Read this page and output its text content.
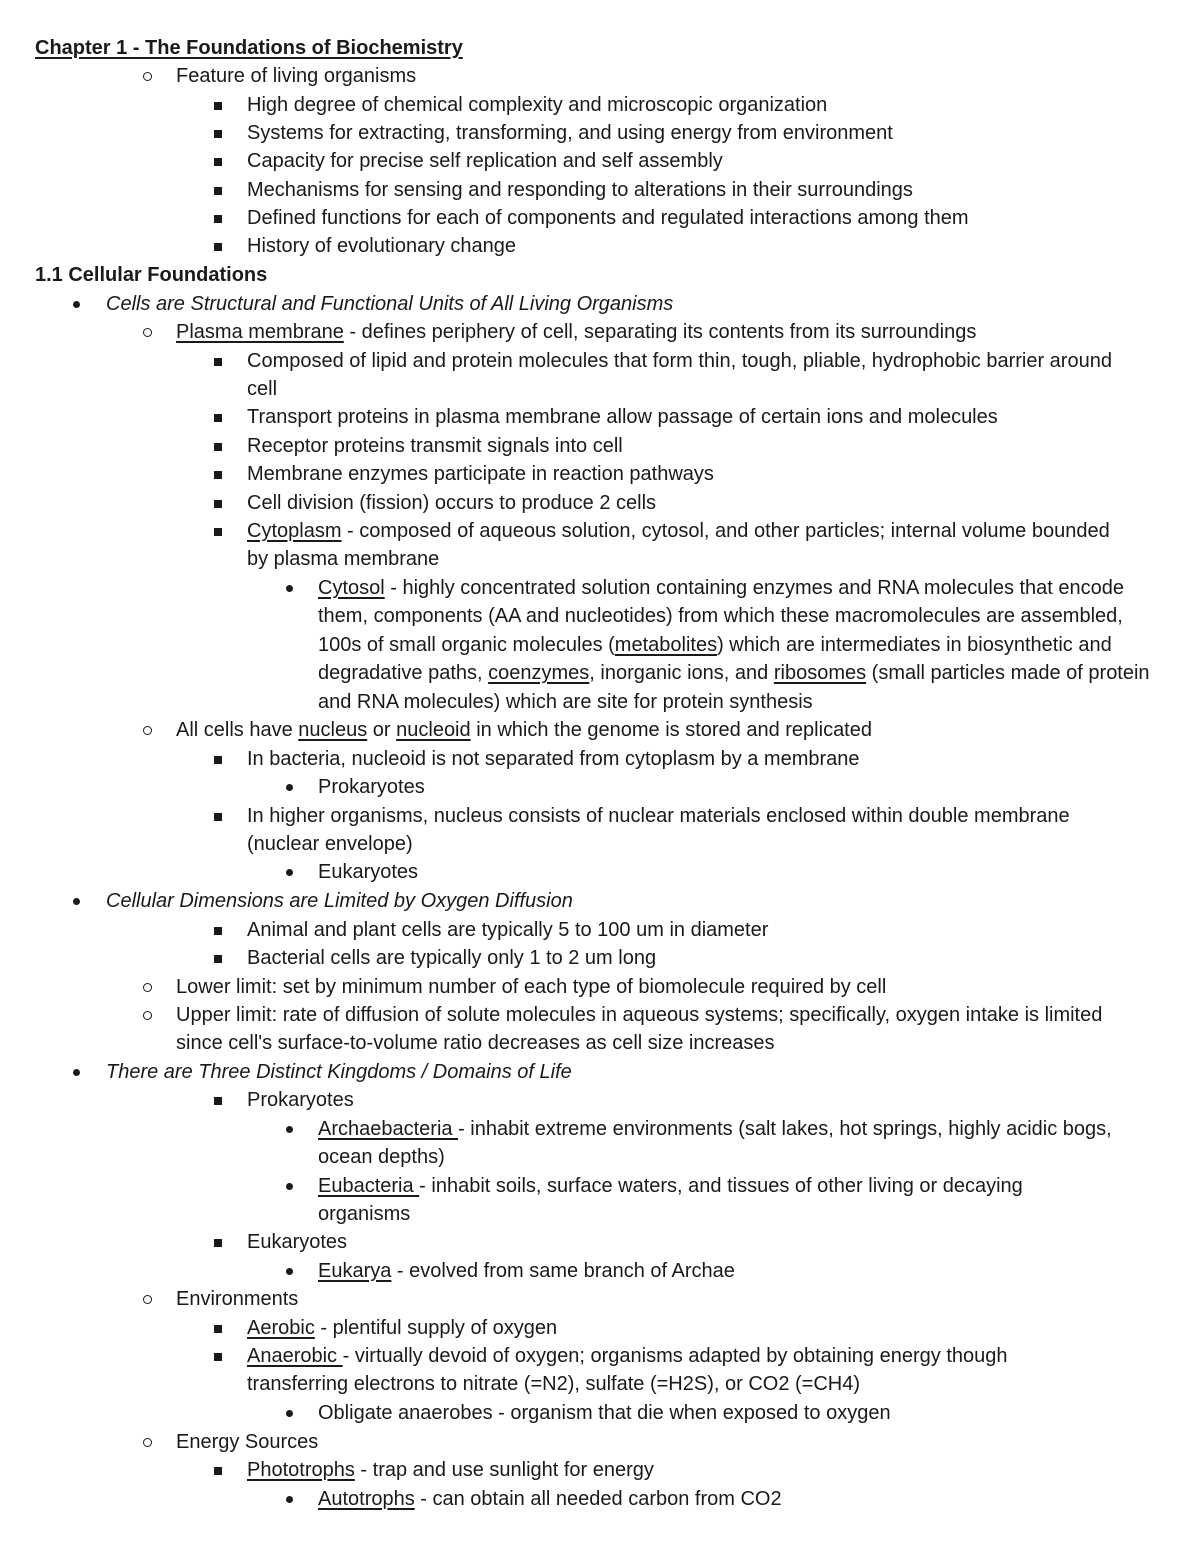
Chapter 1 - The Foundations of Biochemistry
Feature of living organisms
High degree of chemical complexity and microscopic organization
Systems for extracting, transforming, and using energy from environment
Capacity for precise self replication and self assembly
Mechanisms for sensing and responding to alterations in their surroundings
Defined functions for each of components and regulated interactions among them
History of evolutionary change
1.1 Cellular Foundations
Cells are Structural and Functional Units of All Living Organisms
Plasma membrane - defines periphery of cell, separating its contents from its surroundings
Composed of lipid and protein molecules that form thin, tough, pliable, hydrophobic barrier around cell
Transport proteins in plasma membrane allow passage of certain ions and molecules
Receptor proteins transmit signals into cell
Membrane enzymes participate in reaction pathways
Cell division (fission) occurs to produce 2 cells
Cytoplasm - composed of aqueous solution, cytosol, and other particles; internal volume bounded by plasma membrane
Cytosol - highly concentrated solution containing enzymes and RNA molecules that encode them, components (AA and nucleotides) from which these macromolecules are assembled, 100s of small organic molecules (metabolites) which are intermediates in biosynthetic and degradative paths, coenzymes, inorganic ions, and ribosomes (small particles made of protein and RNA molecules) which are site for protein synthesis
All cells have nucleus or nucleoid in which the genome is stored and replicated
In bacteria, nucleoid is not separated from cytoplasm by a membrane
Prokaryotes
In higher organisms, nucleus consists of nuclear materials enclosed within double membrane (nuclear envelope)
Eukaryotes
Cellular Dimensions are Limited by Oxygen Diffusion
Animal and plant cells are typically 5 to 100 um in diameter
Bacterial cells are typically only 1 to 2 um long
Lower limit: set by minimum number of each type of biomolecule required by cell
Upper limit: rate of diffusion of solute molecules in aqueous systems; specifically, oxygen intake is limited since cell's surface-to-volume ratio decreases as cell size increases
There are Three Distinct Kingdoms / Domains of Life
Prokaryotes
Archaebacteria - inhabit extreme environments (salt lakes, hot springs, highly acidic bogs, ocean depths)
Eubacteria - inhabit soils, surface waters, and tissues of other living or decaying organisms
Eukaryotes
Eukarya - evolved from same branch of Archae
Environments
Aerobic - plentiful supply of oxygen
Anaerobic - virtually devoid of oxygen; organisms adapted by obtaining energy though transferring electrons to nitrate (=N2), sulfate (=H2S), or CO2 (=CH4)
Obligate anaerobes - organism that die when exposed to oxygen
Energy Sources
Phototrophs - trap and use sunlight for energy
Autotrophs - can obtain all needed carbon from CO2
